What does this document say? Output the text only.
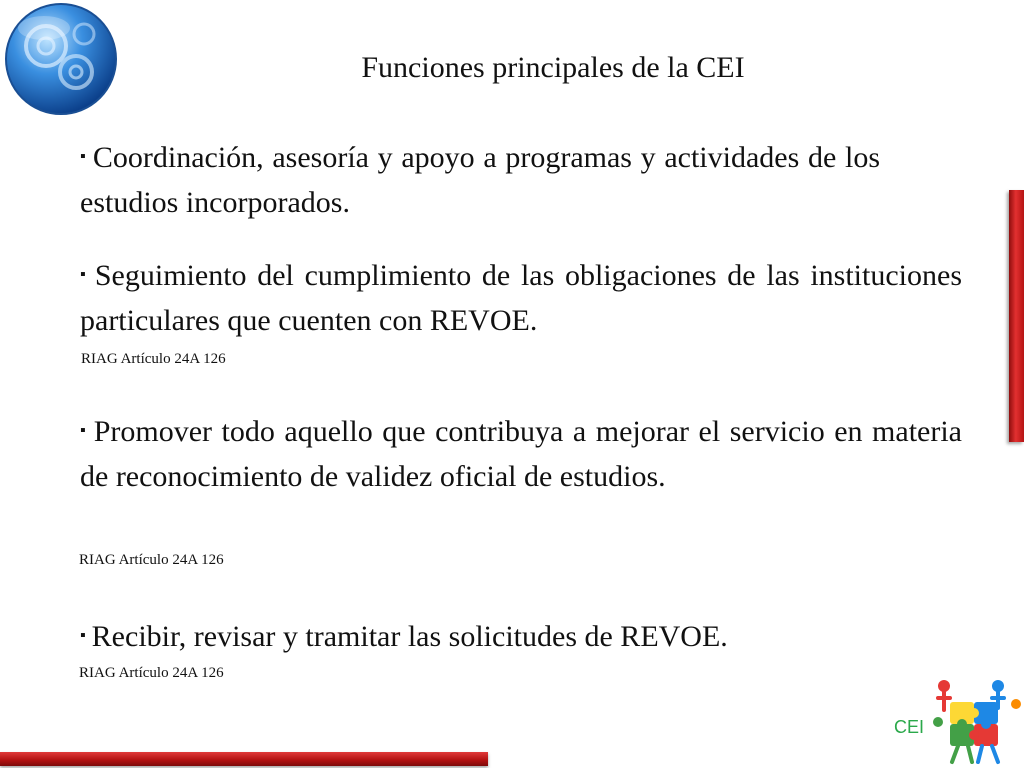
Funciones principales de la CEI
▪ Coordinación, asesoría y apoyo a programas y actividades de los estudios incorporados.
▪ Seguimiento del cumplimiento de las obligaciones de las instituciones particulares que cuenten con REVOE.
RIAG Artículo 24A 126
▪ Promover todo aquello que contribuya a mejorar el servicio en materia de reconocimiento de validez oficial de estudios.
RIAG Artículo 24A 126
▪ Recibir, revisar y tramitar las solicitudes de REVOE.
RIAG Artículo 24A 126
CEI
